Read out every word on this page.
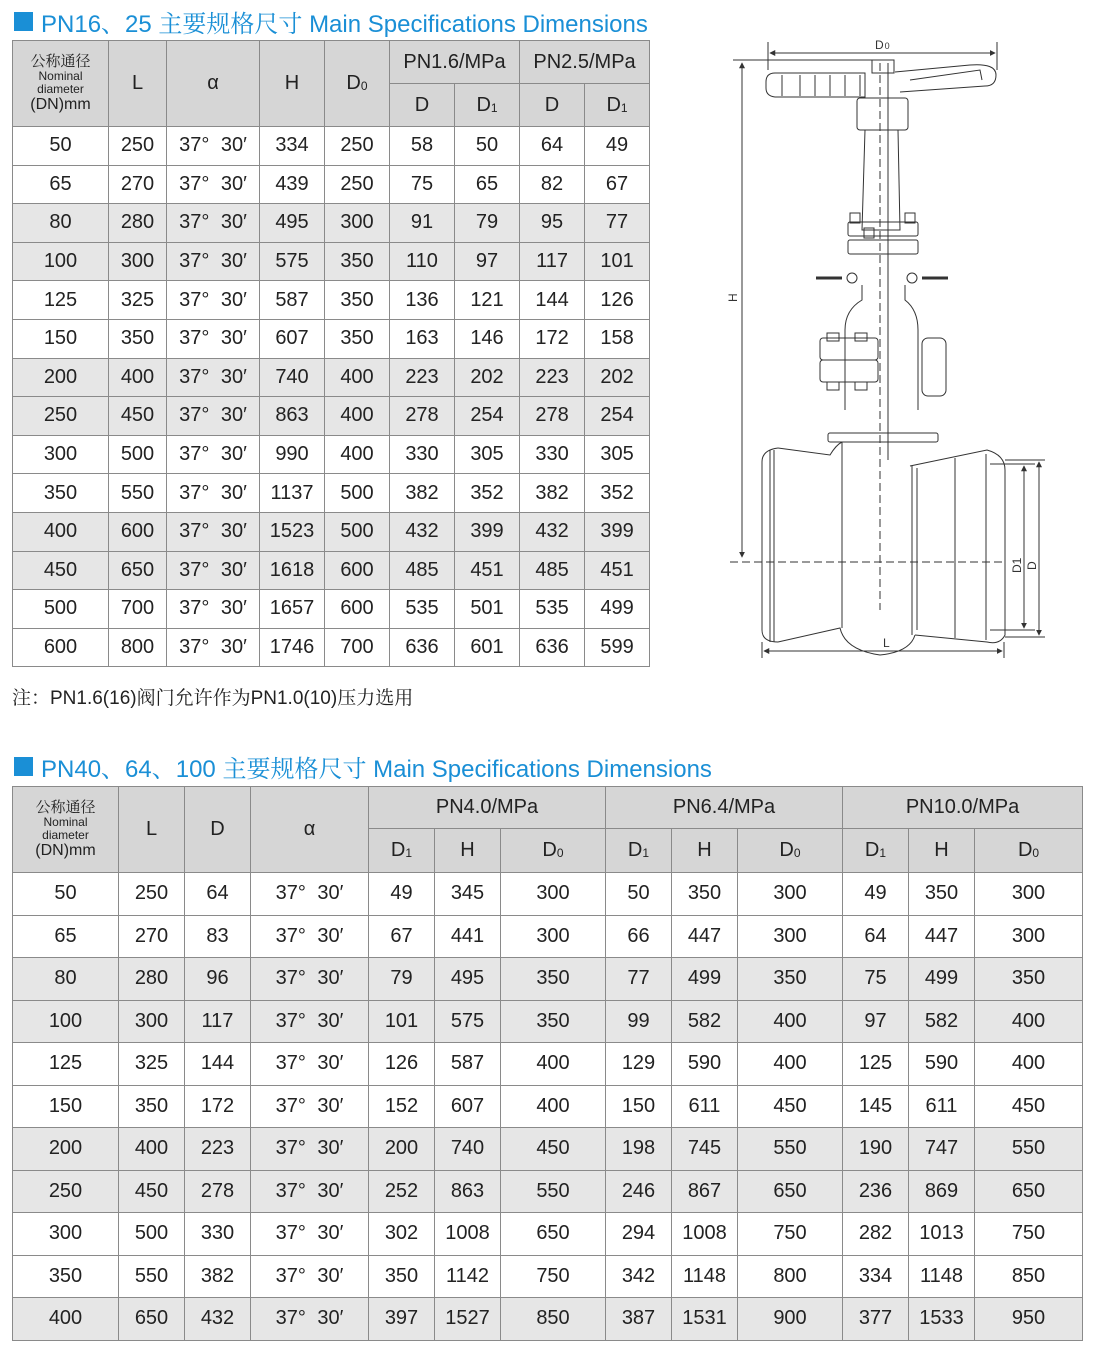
PN16、25 主要规格尺寸 Main Specifications Dimensions
公称通径
Nominal
diameter
(DN)mm	L	α	H	$D_0$	PN1.6/MPa		PN2.5/MPa	
					D	$D_1$	D	$D_1$
50	250	37° 30′	334	250	58	50	64	49
65	270	37° 30′	439	250	75	65	82	67
80	280	37° 30′	495	300	91	79	95	77
100	300	37° 30′	575	350	110	97	117	101
125	325	37° 30′	587	350	136	121	144	126
150	350	37° 30′	607	350	163	146	172	158
200	400	37° 30′	740	400	223	202	223	202
250	450	37° 30′	863	400	278	254	278	254
300	500	37° 30′	990	400	330	305	330	305
350	550	37° 30′	1137	500	382	352	382	352
400	600	37° 30′	1523	500	432	399	432	399
450	650	37° 30′	1618	600	485	451	485	451
500	700	37° 30′	1657	600	535	501	535	499
600	800	37° 30′	1746	700	636	601	636	599
注：PN1.6(16)阀门允许作为PN1.0(10)压力选用
PN40、64、100 主要规格尺寸 Main Specifications Dimensions
公称通径
Nominal
diameter
(DN)mm	L	D	α	PN4.0/MPa			PN6.4/MPa			PN10.0/MPa		
				$D_1$	H	$D_0$	$D_1$	H	$D_0$	$D_1$	H	$D_0$
50	250	64	37° 30′	49	345	300	50	350	300	49	350	300
65	270	83	37° 30′	67	441	300	66	447	300	64	447	300
80	280	96	37° 30′	79	495	350	77	499	350	75	499	350
100	300	117	37° 30′	101	575	350	99	582	400	97	582	400
125	325	144	37° 30′	126	587	400	129	590	400	125	590	400
150	350	172	37° 30′	152	607	400	150	611	450	145	611	450
200	400	223	37° 30′	200	740	450	198	745	550	190	747	550
250	450	278	37° 30′	252	863	550	246	867	650	236	869	650
300	500	330	37° 30′	302	1008	650	294	1008	750	282	1013	750
350	550	382	37° 30′	350	1142	750	342	1148	800	334	1148	850
400	650	432	37° 30′	397	1527	850	387	1531	900	377	1533	950
D0
H
D1 D
L
